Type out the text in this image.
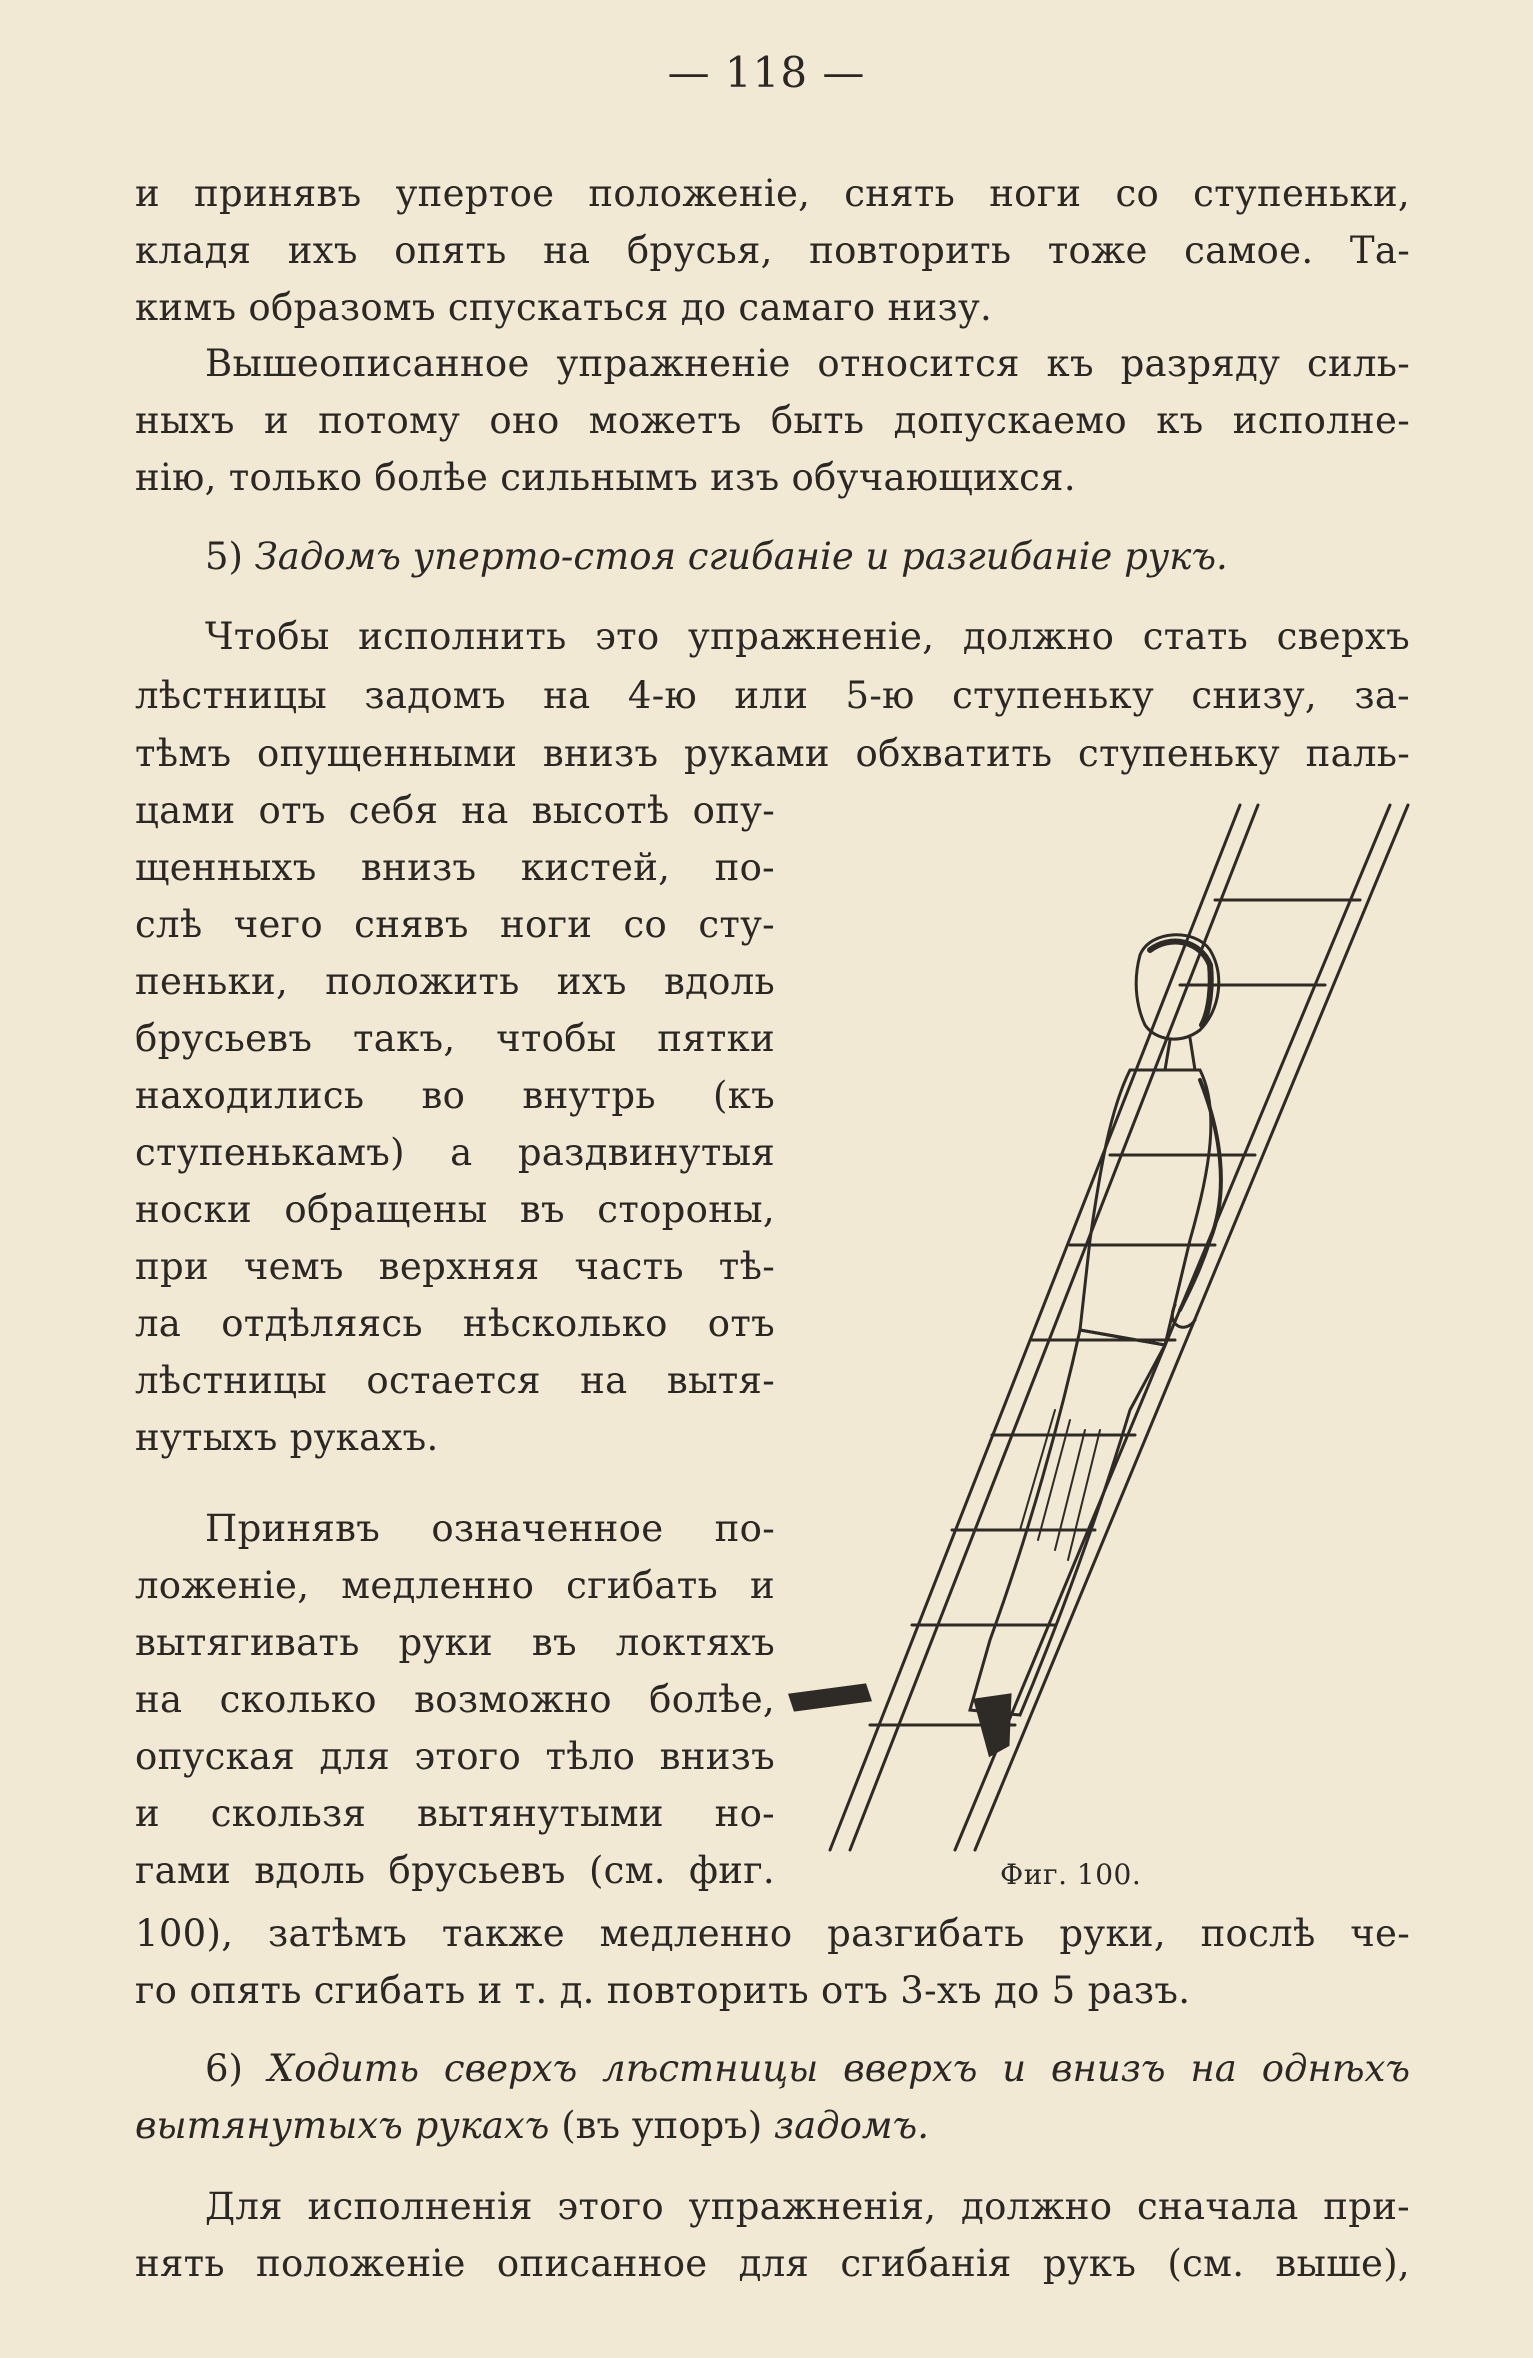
— 118 —
и принявъ упертое положеніе, снять ноги со ступеньки,
кладя ихъ опять на брусья, повторить тоже самое. Та-
кимъ образомъ спускаться до самаго низу.
Вышеописанное упражненіе относится къ разряду силь-
ныхъ и потому оно можетъ быть допускаемо къ исполне-
нію, только болѣе сильнымъ изъ обучающихся.
5) Задомъ уперто-стоя сгибаніе и разгибаніе рукъ.
Чтобы исполнить это упражненіе, должно стать сверхъ
лѣстницы задомъ на 4-ю или 5-ю ступеньку снизу, за-
тѣмъ опущенными внизъ руками обхватить ступеньку паль-
цами отъ себя на высотѣ опу-
щенныхъ внизъ кистей, по-
слѣ чего снявъ ноги со сту-
пеньки, положить ихъ вдоль
брусьевъ такъ, чтобы пятки
находились во внутрь (къ
ступенькамъ) а раздвинутыя
носки обращены въ стороны,
при чемъ верхняя часть тѣ-
ла отдѣляясь нѣсколько отъ
лѣстницы остается на вытя-
нутыхъ рукахъ.
Принявъ означенное по-
ложеніе, медленно сгибать и
вытягивать руки въ локтяхъ
на сколько возможно болѣе,
опуская для этого тѣло внизъ
и скользя вытянутыми но-
гами вдоль брусьевъ (см. фиг.	Фиг. 100.
100), затѣмъ также медленно разгибать руки, послѣ че-
го опять сгибать и т. д. повторить отъ 3-хъ до 5 разъ.
6) Ходить сверхъ лѣстницы вверхъ и внизъ на однѣхъ
вытянутыхъ рукахъ (въ упоръ) задомъ.
Для исполненія этого упражненія, должно сначала при-
нять положеніе описанное для сгибанія рукъ (см. выше),
